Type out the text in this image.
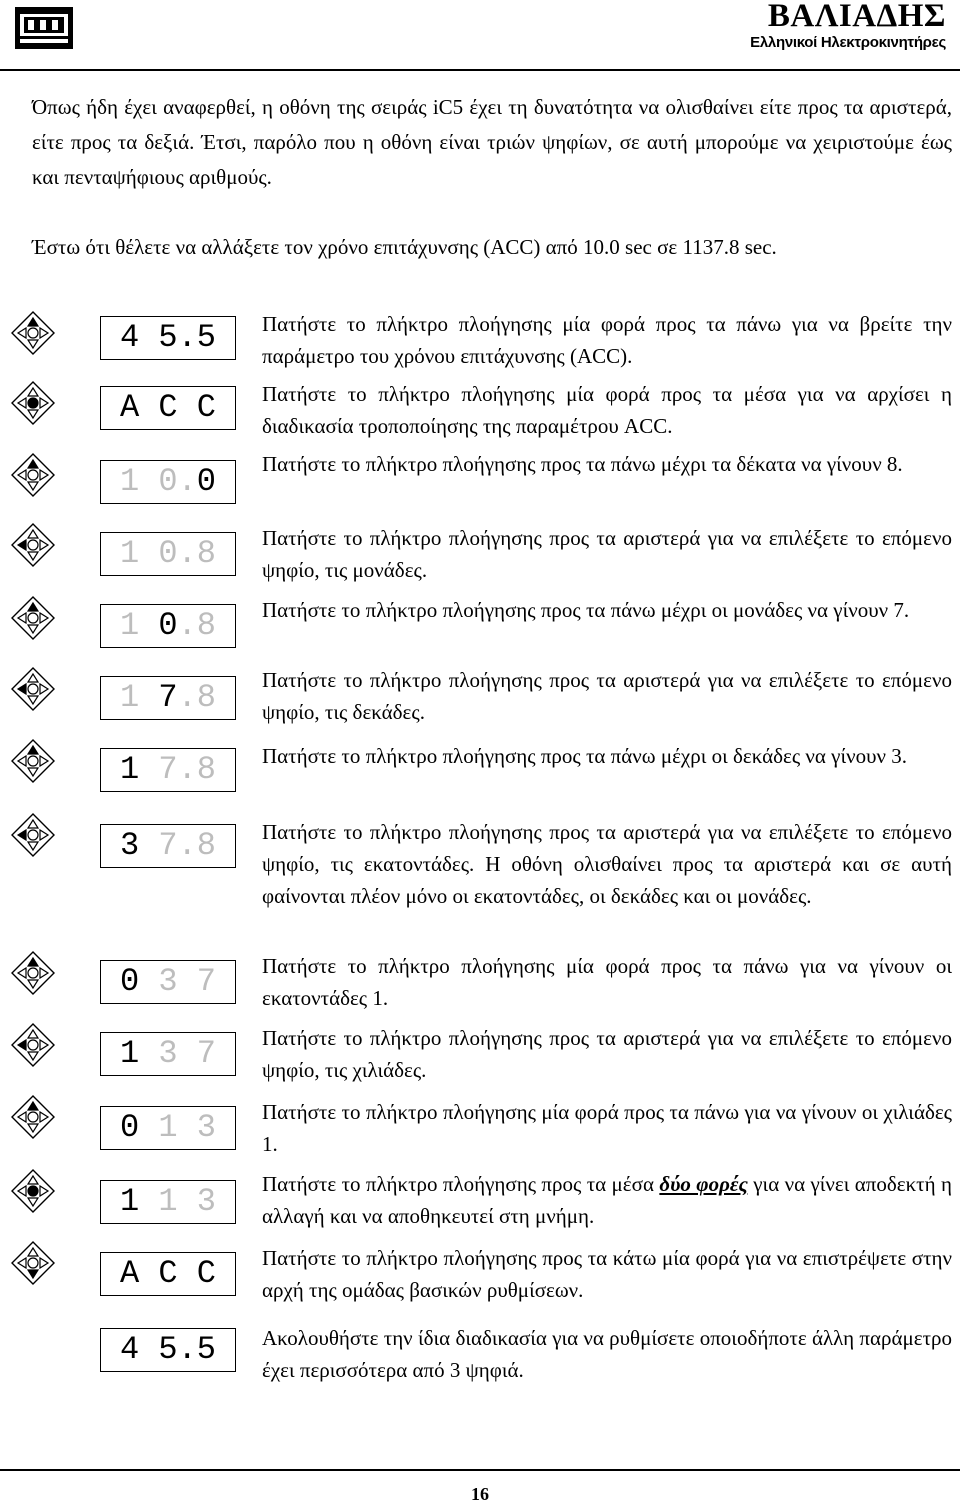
ΒΑΛΙΑΔΗΣ
Ελληνικοί Ηλεκτροκινητήρες

Όπως ήδη έχει αναφερθεί, η οθόνη της σειράς iC5 έχει τη δυνατότητα να ολισθαίνει είτε προς τα αριστερά, είτε προς τα δεξιά. Έτσι, παρόλο που η οθόνη είναι τριών ψηφίων, σε αυτή μπορούμε να χειριστούμε έως και πενταψήφιους αριθμούς.

Έστω ότι θέλετε να αλλάξετε τον χρόνο επιτάχυνσης (ACC) από 10.0 sec σε 1137.8 sec.

4 5.5	Πατήστε το πλήκτρο πλοήγησης μία φορά προς τα πάνω για να βρείτε την παράμετρο του χρόνου επιτάχυνσης (ACC).

A C C	Πατήστε το πλήκτρο πλοήγησης μία φορά προς τα μέσα για να αρχίσει η διαδικασία τροποποίησης της παραμέτρου ACC.

1 0.0	Πατήστε το πλήκτρο πλοήγησης προς τα πάνω μέχρι τα δέκατα να γίνουν 8.

1 0.8	Πατήστε το πλήκτρο πλοήγησης προς τα αριστερά για να επιλέξετε το επόμενο ψηφίο, τις μονάδες.

1 0.8	Πατήστε το πλήκτρο πλοήγησης προς τα πάνω μέχρι οι μονάδες να γίνουν 7.

1 7.8	Πατήστε το πλήκτρο πλοήγησης προς τα αριστερά για να επιλέξετε το επόμενο ψηφίο, τις δεκάδες.

1 7.8	Πατήστε το πλήκτρο πλοήγησης προς τα πάνω μέχρι οι δεκάδες να γίνουν 3.

3 7.8	Πατήστε το πλήκτρο πλοήγησης προς τα αριστερά για να επιλέξετε το επόμενο ψηφίο, τις εκατοντάδες. Η οθόνη ολισθαίνει προς τα αριστερά και σε αυτή φαίνονται πλέον μόνο οι εκατοντάδες, οι δεκάδες και οι μονάδες.

0 3 7	Πατήστε το πλήκτρο πλοήγησης μία φορά προς τα πάνω για να γίνουν οι εκατοντάδες 1.

1 3 7	Πατήστε το πλήκτρο πλοήγησης προς τα αριστερά για να επιλέξετε το επόμενο ψηφίο, τις χιλιάδες.

0 1 3	Πατήστε το πλήκτρο πλοήγησης μία φορά προς τα πάνω για να γίνουν οι χιλιάδες 1.

1 1 3	Πατήστε το πλήκτρο πλοήγησης προς τα μέσα δύο φορές για να γίνει αποδεκτή η αλλαγή και να αποθηκευτεί στη μνήμη.

A C C	Πατήστε το πλήκτρο πλοήγησης προς τα κάτω μία φορά για να επιστρέψετε στην αρχή της ομάδας βασικών ρυθμίσεων.

4 5.5	Ακολουθήστε την ίδια διαδικασία για να ρυθμίσετε οποιοδήποτε άλλη παράμετρο έχει περισσότερα από 3 ψηφιά.

16
